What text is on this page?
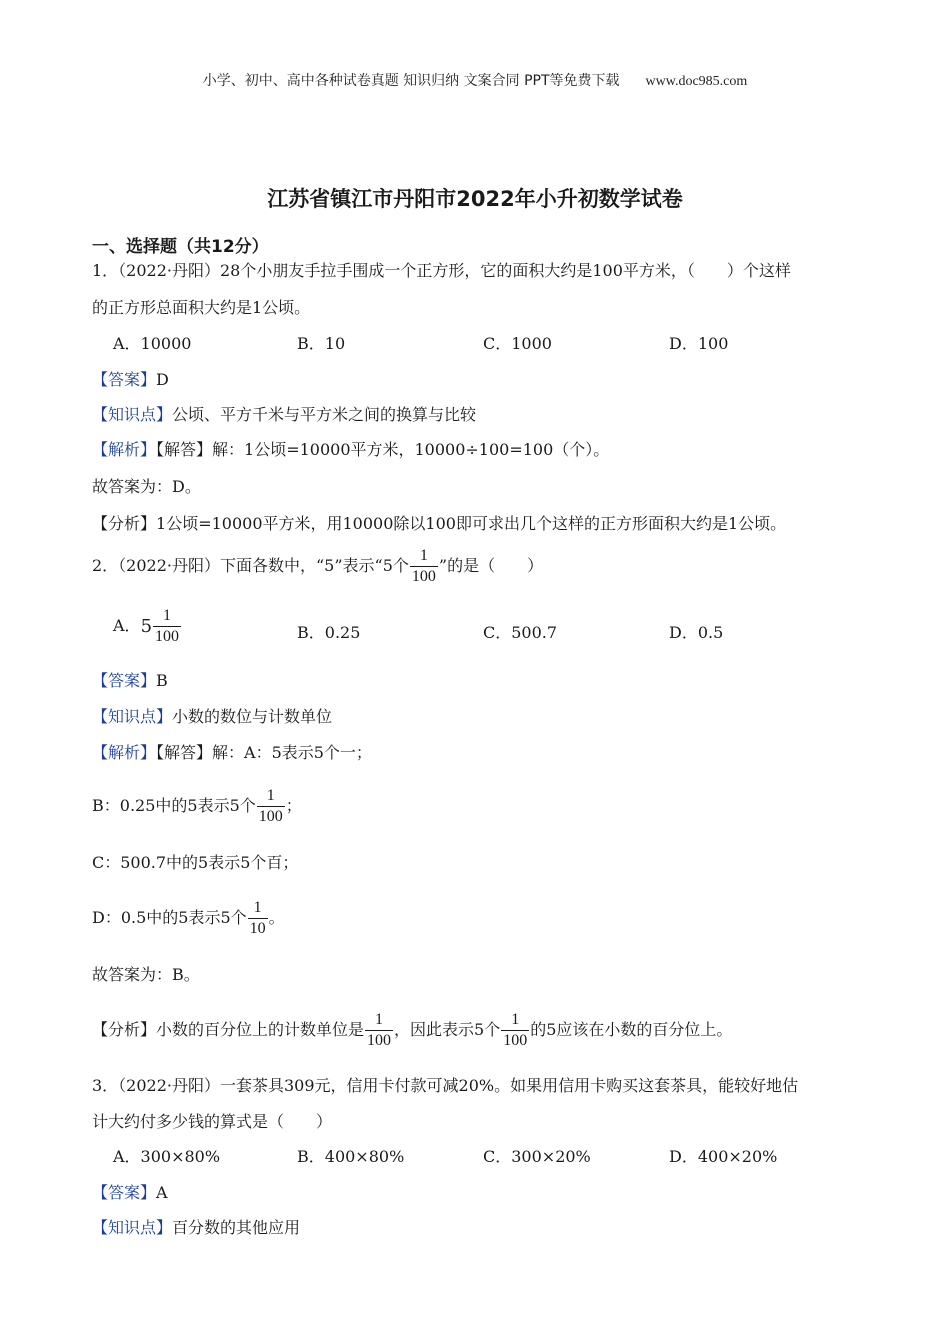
小学、初中、高中各种试卷真题 知识归纳 文案合同 PPT等免费下载 www.doc985.com
江苏省镇江市丹阳市2022年小升初数学试卷
一、选择题（共12分）
1．（2022·丹阳）28个小朋友手拉手围成一个正方形，它的面积大约是100平方米，（　　）个这样
的正方形总面积大约是1公顷。
A．10000	B．10	C．1000	D．100
【答案】D
【知识点】公顷、平方千米与平方米之间的换算与比较
【解析】【解答】解：1公顷=10000平方米，10000÷100=100（个）。
故答案为：D。
【分析】1公顷=10000平方米，用10000除以100即可求出几个这样的正方形面积大约是1公顷。
2．（2022·丹阳）下面各数中，“5”表示“5个 $\frac{1}{100}$ ”的是（　　）
A．$5 \frac{1}{100}$	B．0.25	C．500.7	D．0.5
【答案】B
【知识点】小数的数位与计数单位
【解析】【解答】解：A：5表示5个一；
B：0.25中的5表示5个 $\frac{1}{100}$ ；
C：500.7中的5表示5个百；
D：0.5中的5表示5个 $\frac{1}{10}$ 。
故答案为：B。
【分析】小数的百分位上的计数单位是 $\frac{1}{100}$ ，因此表示5个 $\frac{1}{100}$ 的5应该在小数的百分位上。
3．（2022·丹阳）一套茶具309元，信用卡付款可减20%。如果用信用卡购买这套茶具，能较好地估
计大约付多少钱的算式是（　　）
A．300×80%	B．400×80%	C．300×20%	D．400×20%
【答案】A
【知识点】百分数的其他应用
